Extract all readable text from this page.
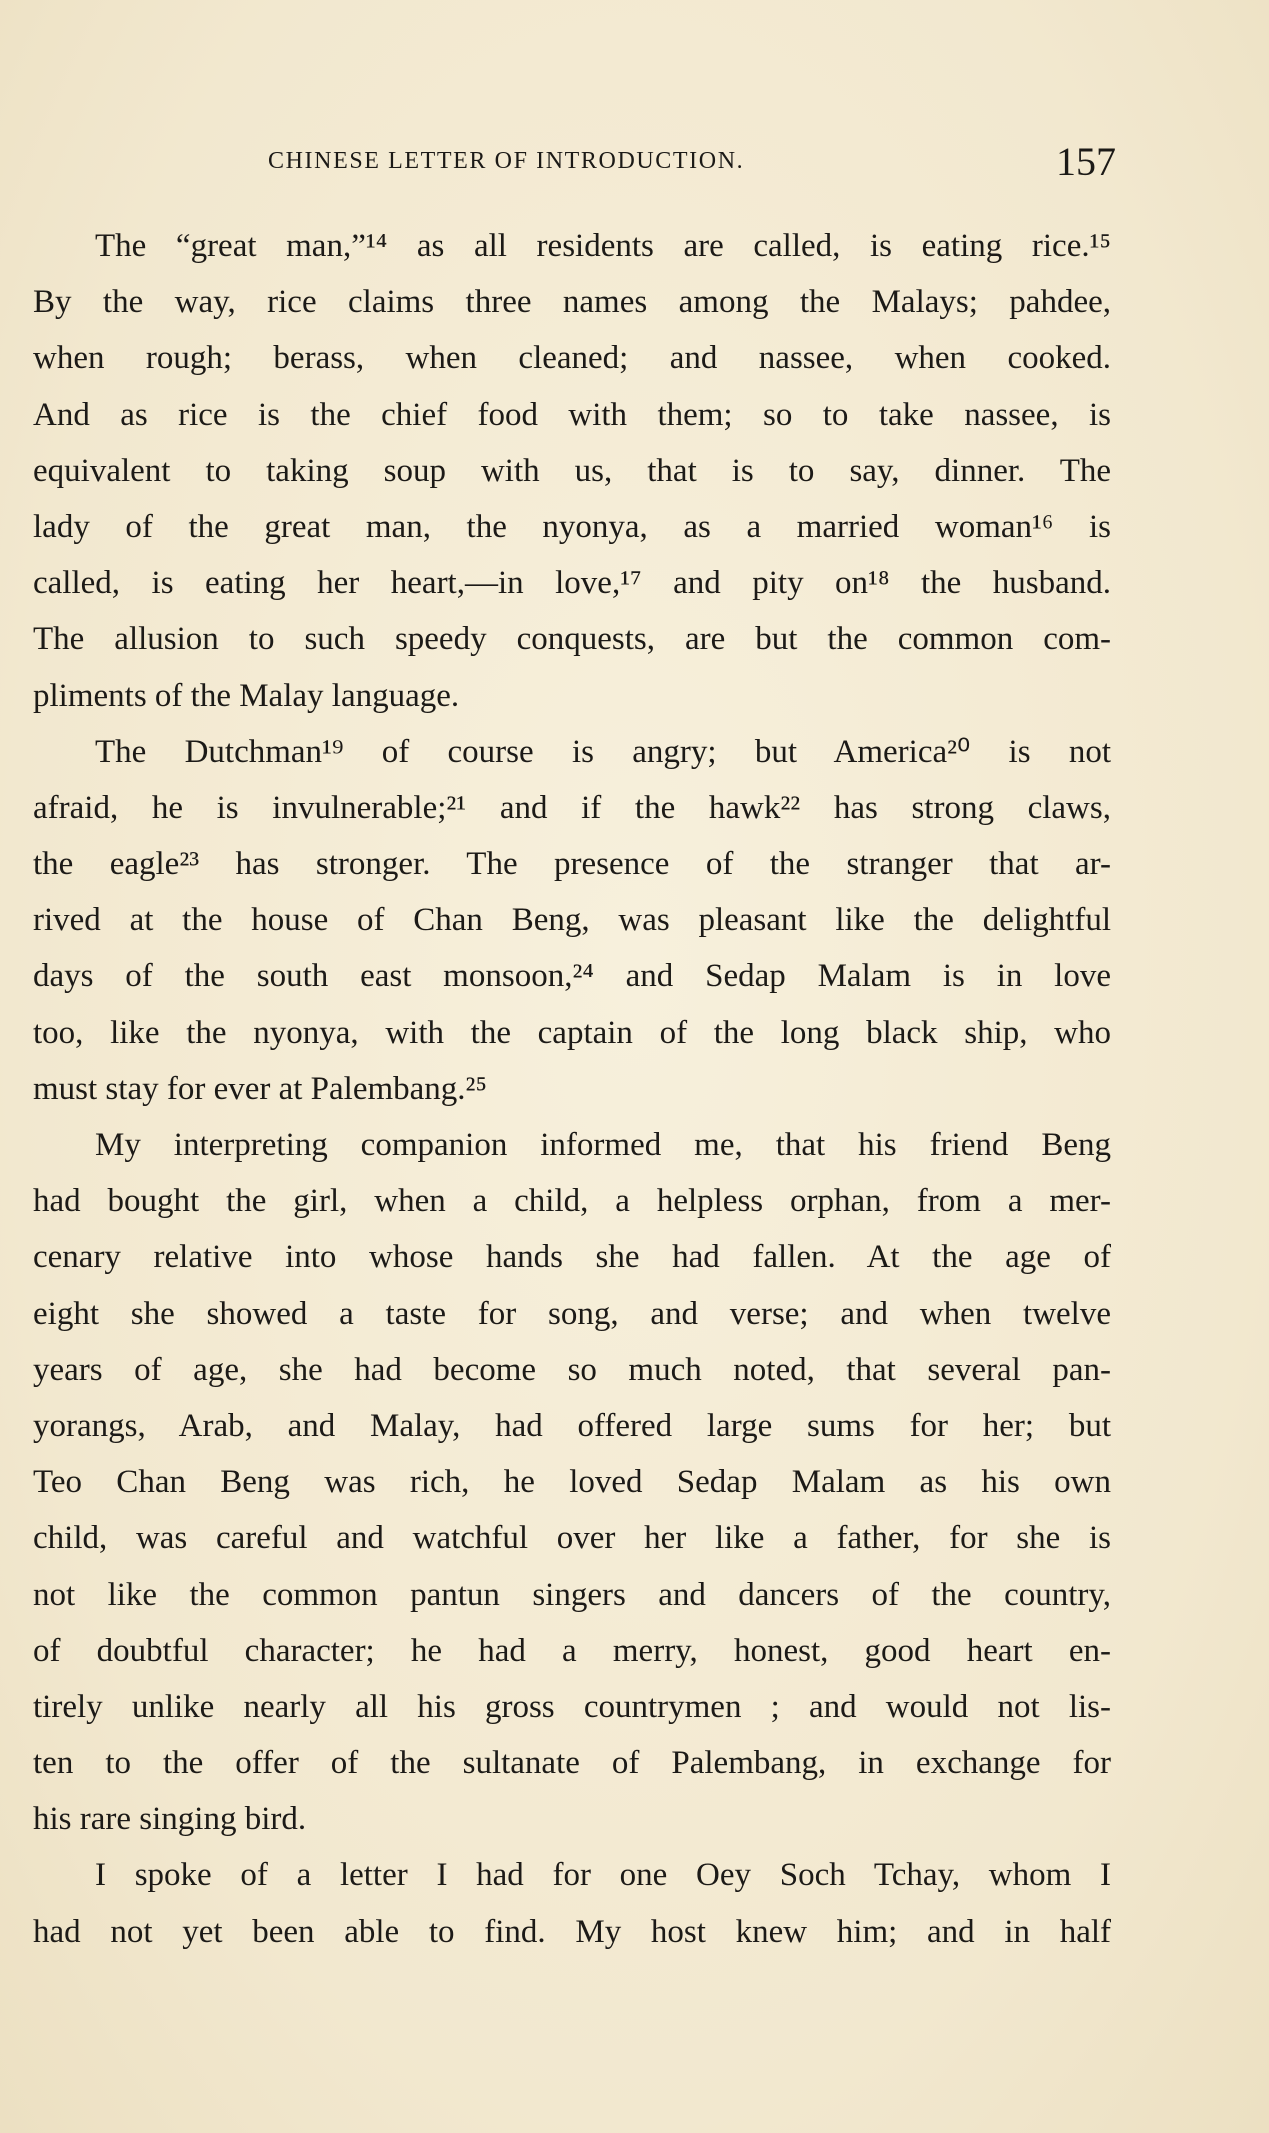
CHINESE LETTER OF INTRODUCTION.	157
The “great man,”¹⁴ as all residents are called, is eating rice.¹⁵
By the way, rice claims three names among the Malays; pahdee,
when rough; berass, when cleaned; and nassee, when cooked.
And as rice is the chief food with them; so to take nassee, is
equivalent to taking soup with us, that is to say, dinner. The
lady of the great man, the nyonya, as a married woman¹⁶ is
called, is eating her heart,—in love,¹⁷ and pity on¹⁸ the husband.
The allusion to such speedy conquests, are but the common com-
pliments of the Malay language.
The Dutchman¹⁹ of course is angry; but America²⁰ is not
afraid, he is invulnerable;²¹ and if the hawk²² has strong claws,
the eagle²³ has stronger. The presence of the stranger that ar-
rived at the house of Chan Beng, was pleasant like the delightful
days of the south east monsoon,²⁴ and Sedap Malam is in love
too, like the nyonya, with the captain of the long black ship, who
must stay for ever at Palembang.²⁵
My interpreting companion informed me, that his friend Beng
had bought the girl, when a child, a helpless orphan, from a mer-
cenary relative into whose hands she had fallen. At the age of
eight she showed a taste for song, and verse; and when twelve
years of age, she had become so much noted, that several pan-
yorangs, Arab, and Malay, had offered large sums for her; but
Teo Chan Beng was rich, he loved Sedap Malam as his own
child, was careful and watchful over her like a father, for she is
not like the common pantun singers and dancers of the country,
of doubtful character; he had a merry, honest, good heart en-
tirely unlike nearly all his gross countrymen ; and would not lis-
ten to the offer of the sultanate of Palembang, in exchange for
his rare singing bird.
I spoke of a letter I had for one Oey Soch Tchay, whom I
had not yet been able to find. My host knew him; and in half
